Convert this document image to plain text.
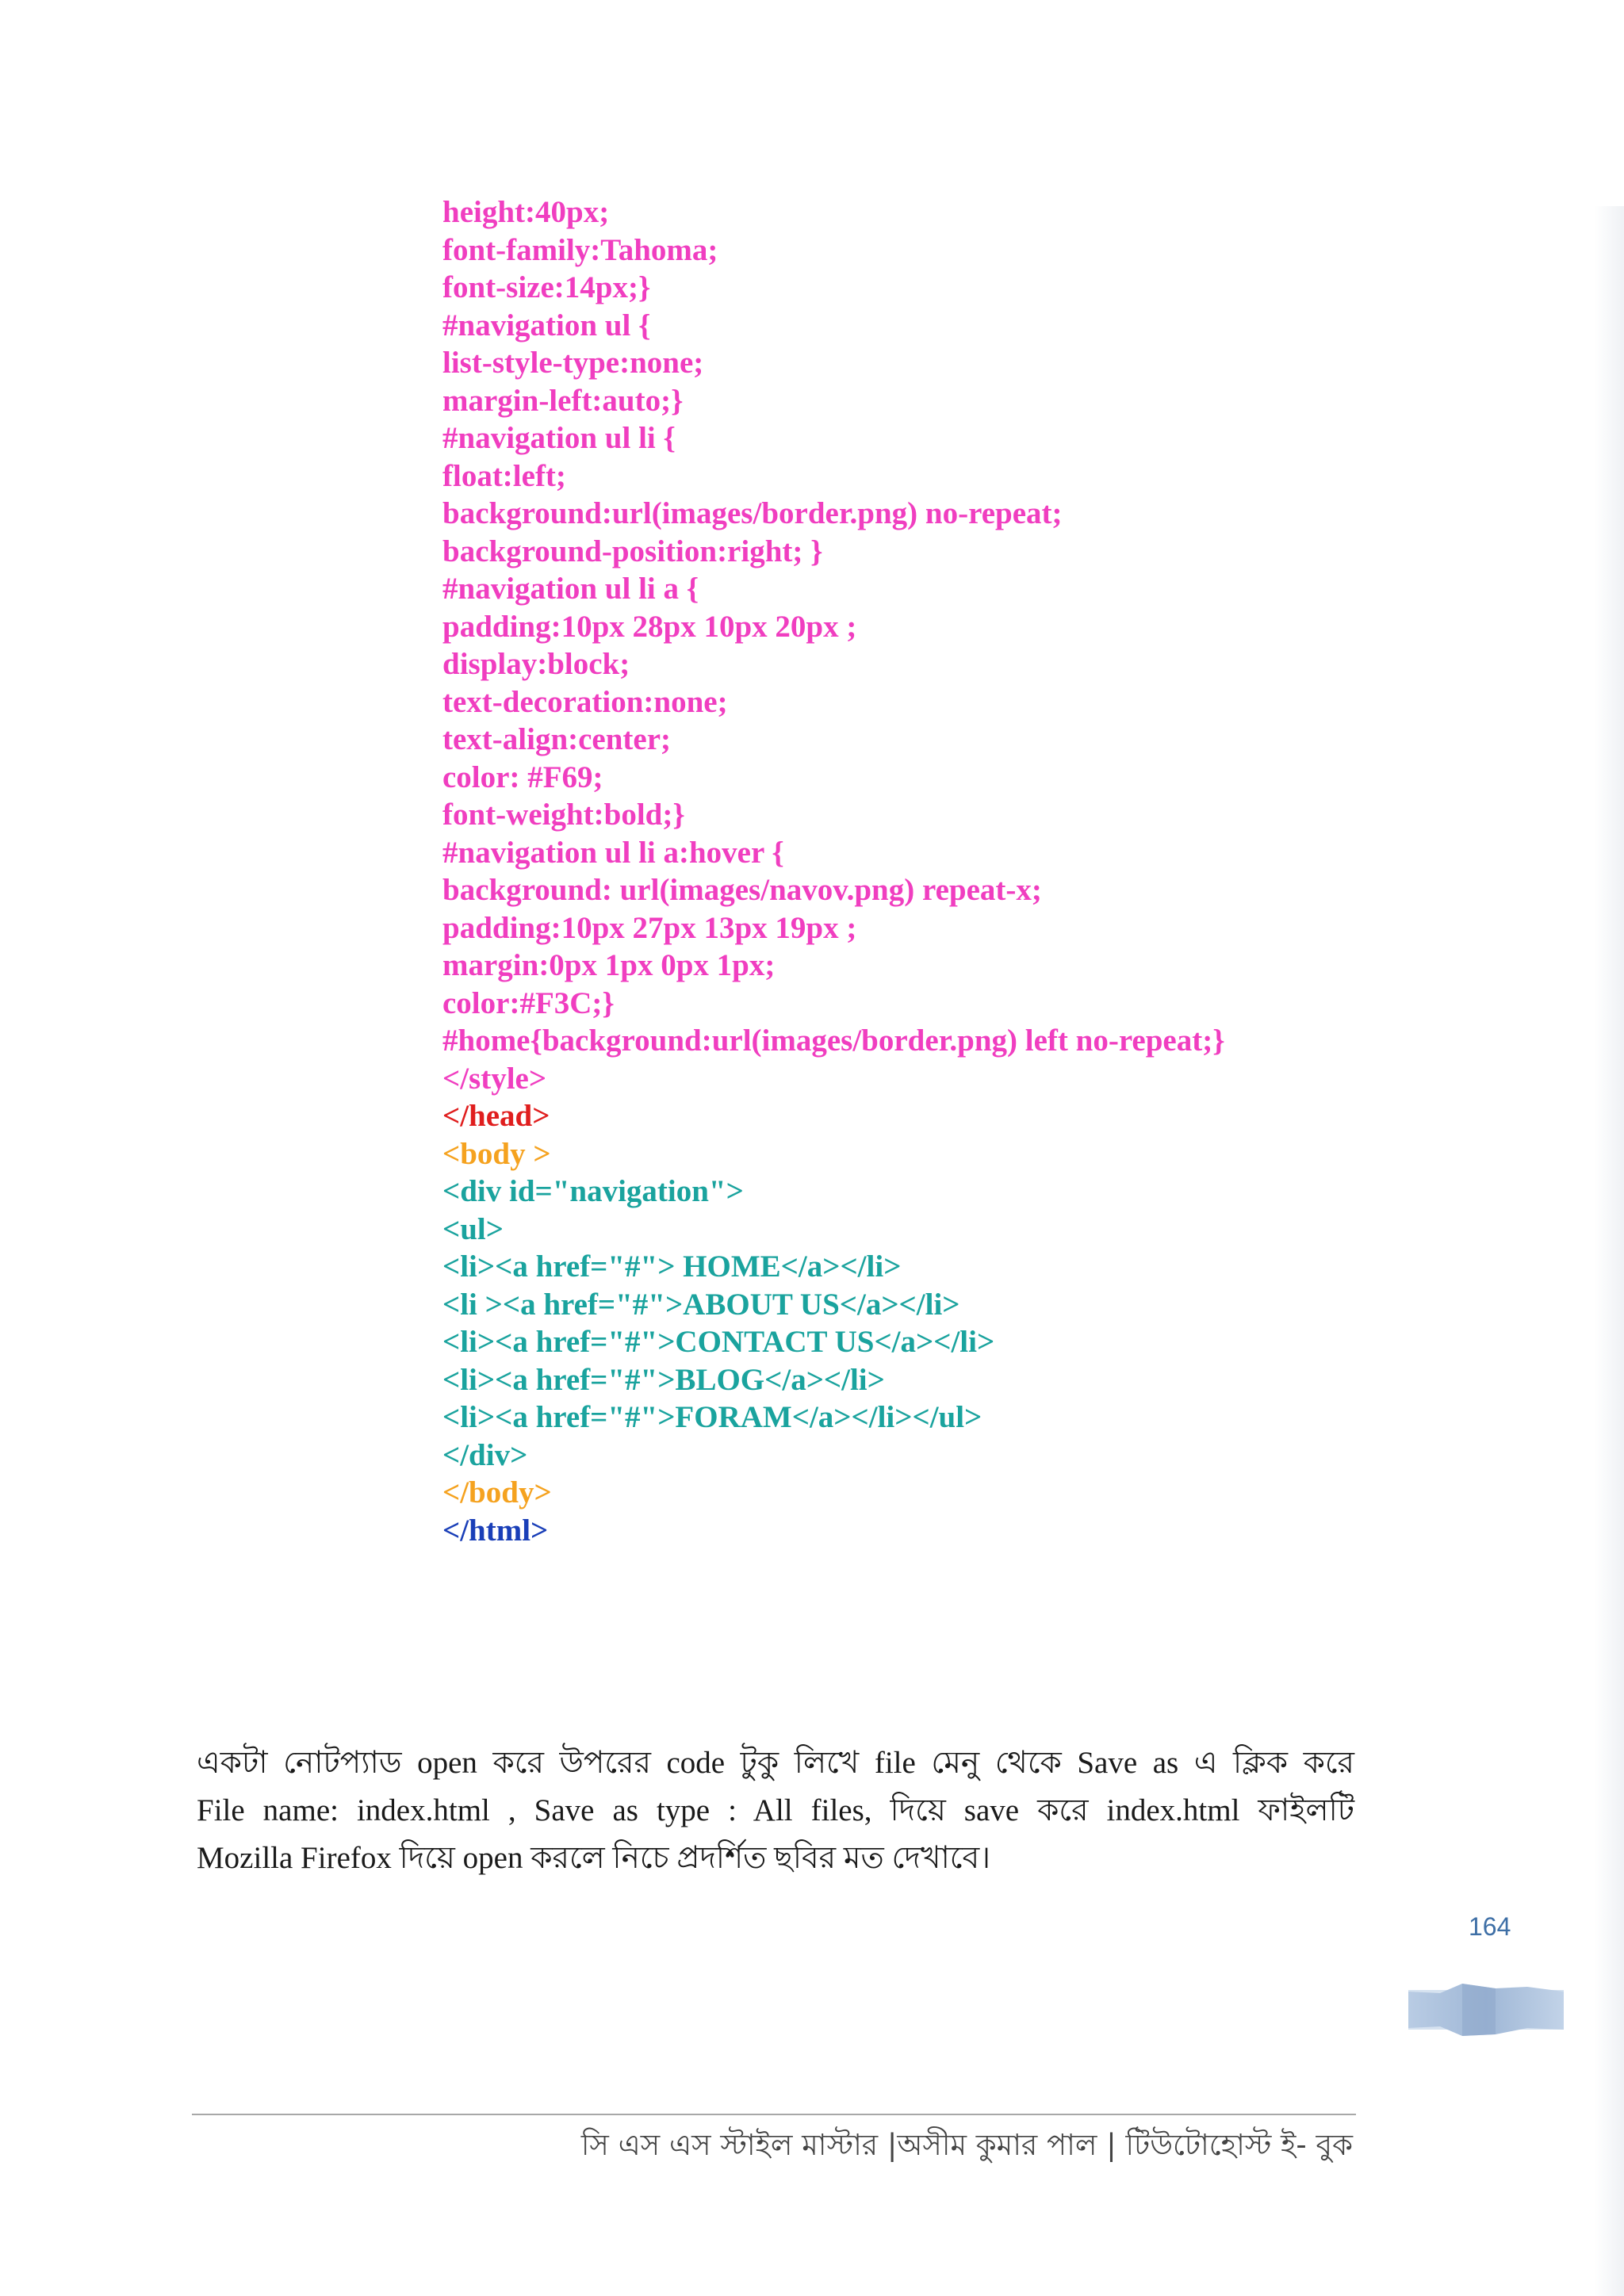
height:40px;
font-family:Tahoma;
font-size:14px;}
#navigation ul {
list-style-type:none;
margin-left:auto;}
#navigation ul li {
float:left;
background:url(images/border.png) no-repeat;
background-position:right; }
#navigation ul li a {
padding:10px 28px 10px 20px ;
display:block;
text-decoration:none;
text-align:center;
color: #F69;
font-weight:bold;}
#navigation ul li a:hover {
background: url(images/navov.png) repeat-x;
padding:10px 27px 13px 19px ;
margin:0px 1px 0px 1px;
color:#F3C;}
#home{background:url(images/border.png) left no-repeat;}
</style>
</head>
<body >
<div id="navigation">
<ul>
<li><a href="#"> HOME</a></li>
<li ><a href="#">ABOUT US</a></li>
<li><a href="#">CONTACT US</a></li>
<li><a href="#">BLOG</a></li>
<li><a href="#">FORAM</a></li></ul>
</div>
</body>
</html>
একটা নোটপ্যাড open করে উপরের code টুকু লিখে file মেনু থেকে Save as এ ক্লিক করে
File name: index.html , Save as type : All files, দিয়ে save করে index.html ফাইলটি
Mozilla Firefox দিয়ে open করলে নিচে প্রদর্শিত ছবির মত দেখাবে।
164
সি এস এস স্টাইল মাস্টার |অসীম কুমার পাল | টিউটোহোস্ট ই- বুক
